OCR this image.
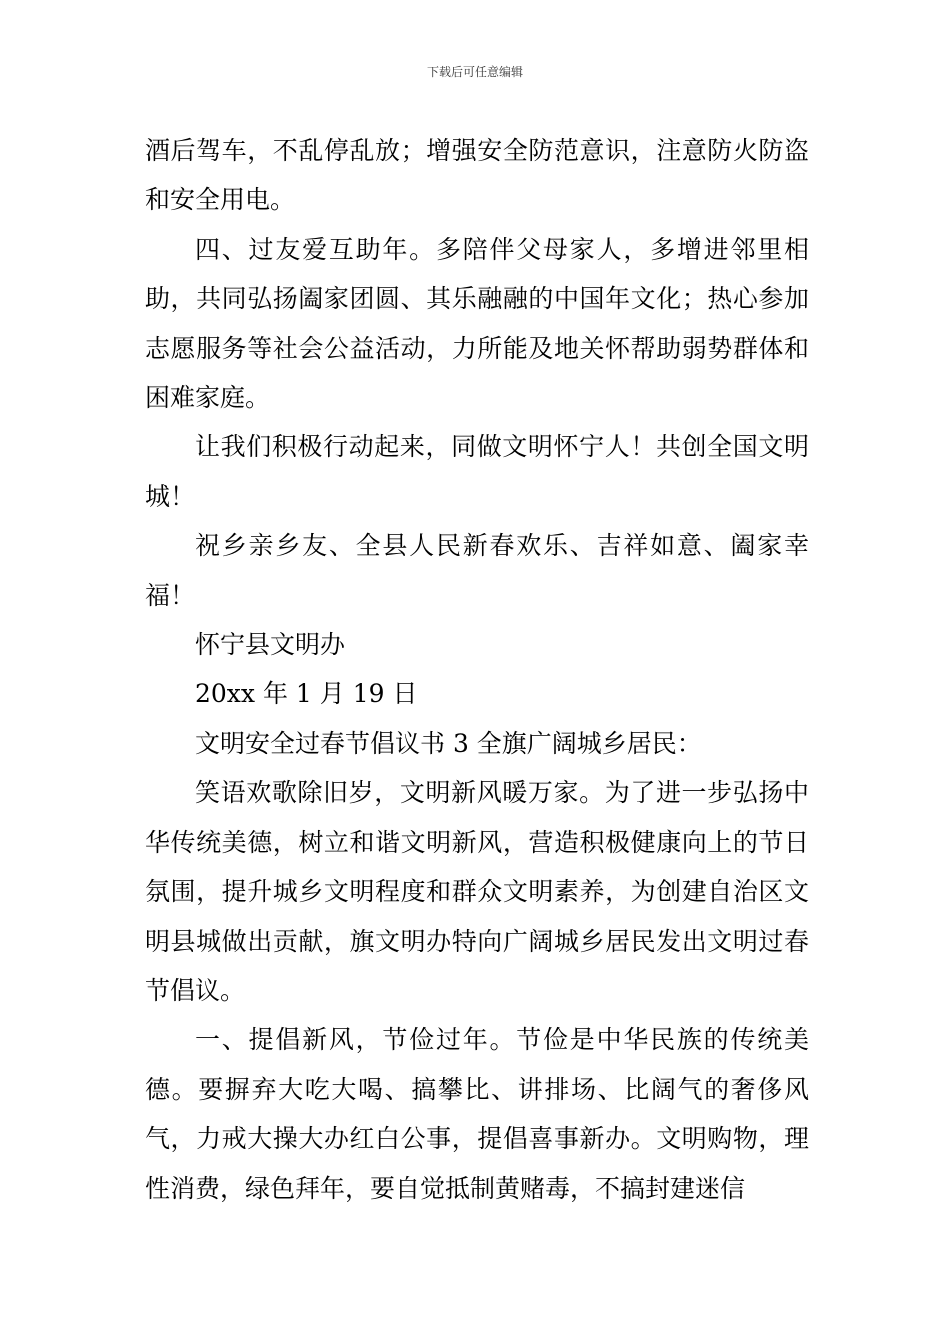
下载后可任意编辑

酒后驾车，不乱停乱放；增强安全防范意识，注意防火防盗和安全用电。

四、过友爱互助年。多陪伴父母家人，多增进邻里相助，共同弘扬阖家团圆、其乐融融的中国年文化；热心参加志愿服务等社会公益活动，力所能及地关怀帮助弱势群体和困难家庭。

让我们积极行动起来，同做文明怀宁人！共创全国文明城！

祝乡亲乡友、全县人民新春欢乐、吉祥如意、阖家幸福！

怀宁县文明办

20xx 年 1 月 19 日

文明安全过春节倡议书 3 全旗广阔城乡居民：

笑语欢歌除旧岁，文明新风暖万家。为了进一步弘扬中华传统美德，树立和谐文明新风，营造积极健康向上的节日氛围，提升城乡文明程度和群众文明素养，为创建自治区文明县城做出贡献，旗文明办特向广阔城乡居民发出文明过春节倡议。

一、提倡新风，节俭过年。节俭是中华民族的传统美德。要摒弃大吃大喝、搞攀比、讲排场、比阔气的奢侈风气，力戒大操大办红白公事，提倡喜事新办。文明购物，理性消费，绿色拜年，要自觉抵制黄赌毒，不搞封建迷信
